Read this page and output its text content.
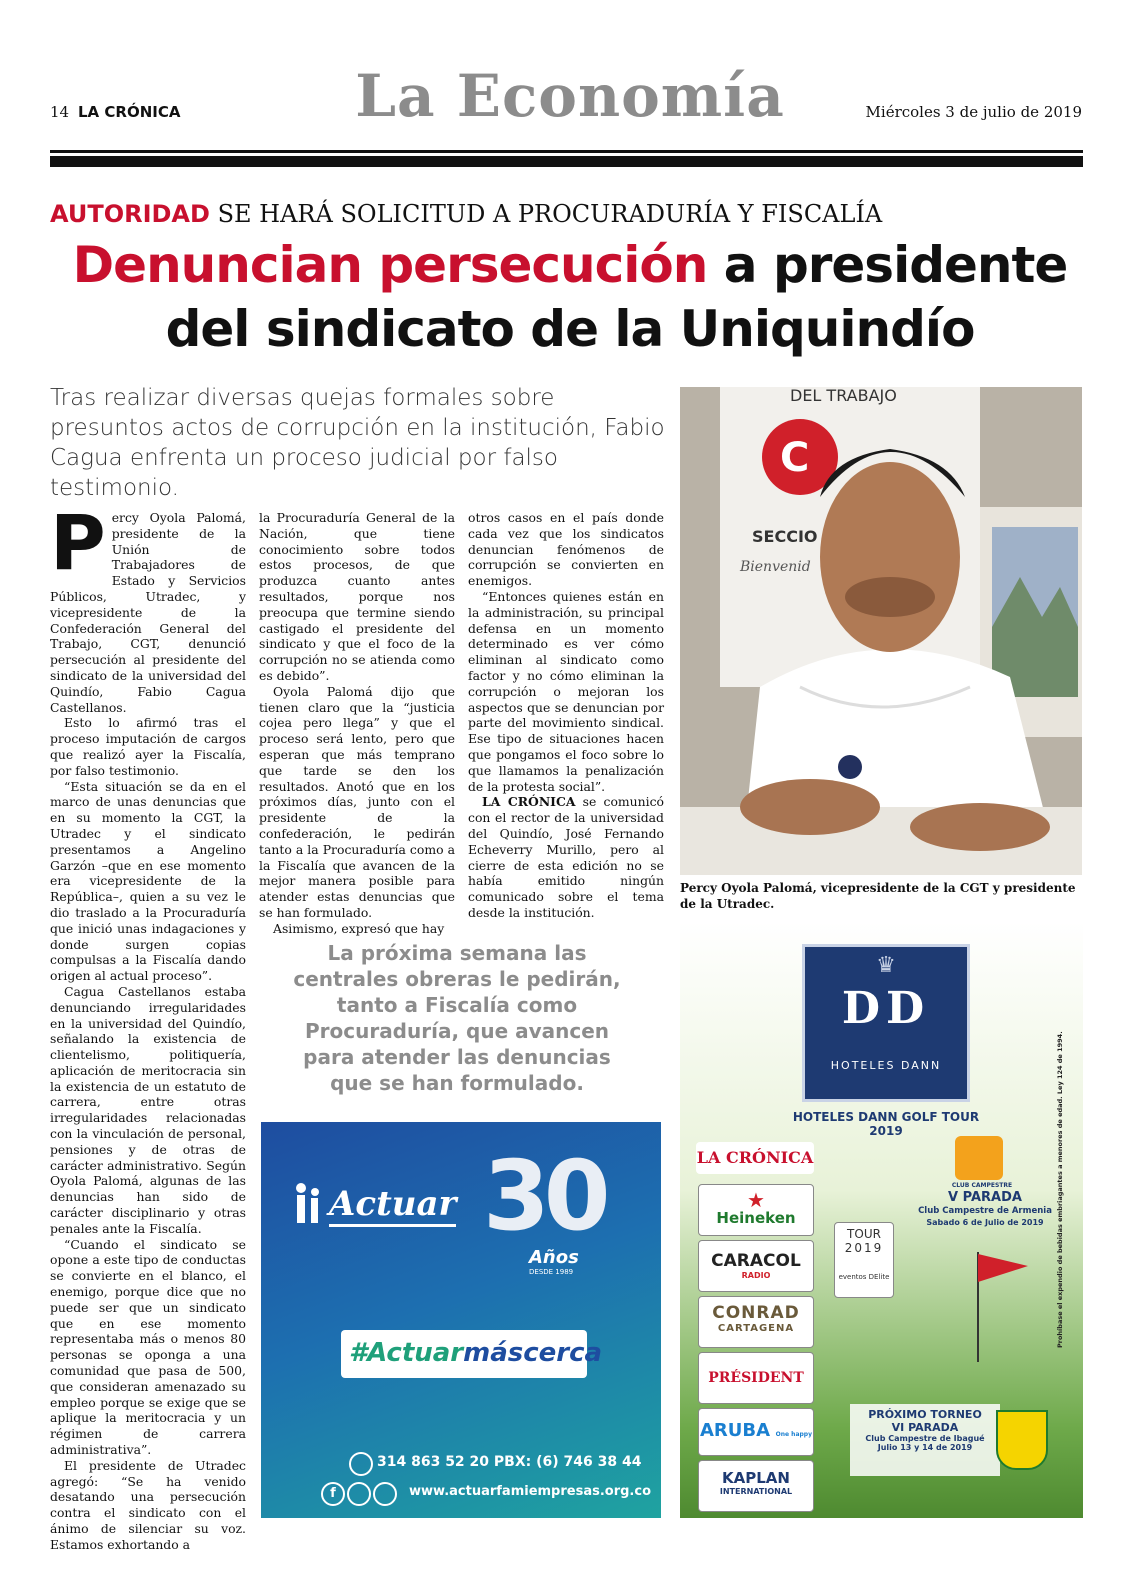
14 LA CRÓNICA	La Economía	Miércoles 3 de julio de 2019
AUTORIDAD SE HARÁ SOLICITUD A PROCURADURÍA Y FISCALÍA
Denuncian persecución a presidente
del sindicato de la Uniquindío
Tras realizar diversas quejas formales sobre presuntos actos de corrupción en la institución, Fabio Cagua enfrenta un proceso judicial por falso testimonio.
C
DEL TRABAJO
SECCIO
Bienvenid
Percy Oyola Palomá, vicepresidente de la CGT y presidente de la Utradec.
P ercy Oyola Palomá, presidente de la Unión de Trabajadores de Estado y Servicios Públicos, Utradec, y vicepresidente de la Confederación General del Trabajo, CGT, denunció persecución al presidente del sindicato de la universidad del Quindío, Fabio Cagua Castellanos.

Esto lo afirmó tras el proceso imputación de cargos que realizó ayer la Fiscalía, por falso testimonio.

“Esta situación se da en el marco de unas denuncias que en su momento la CGT, la Utradec y el sindicato presentamos a Angelino Garzón –que en ese momento era vicepresidente de la República–, quien a su vez le dio traslado a la Procuraduría que inició unas indagaciones y donde surgen copias compulsas a la Fiscalía dando origen al actual proceso”.

Cagua Castellanos estaba denunciando irregularidades en la universidad del Quindío, señalando la existencia de clientelismo, politiquería, aplicación de meritocracia sin la existencia de un estatuto de carrera, entre otras irregularidades relacionadas con la vinculación de personal, pensiones y de otras de carácter administrativo. Según Oyola Palomá, algunas de las denuncias han sido de carácter disciplinario y otras penales ante la Fiscalía.

“Cuando el sindicato se opone a este tipo de conductas se convierte en el blanco, el enemigo, porque dice que no puede ser que un sindicato que en ese momento representaba más o menos 80 personas se oponga a una comunidad que pasa de 500, que consideran amenazado su empleo porque se exige que se aplique la meritocracia y un régimen de carrera administrativa”.

El presidente de Utradec agregó: “Se ha venido desatando una persecución contra el sindicato con el ánimo de silenciar su voz. Estamos exhortando a

la Procuraduría General de la Nación, que tiene conocimiento sobre todos estos procesos, de que produzca cuanto antes resultados, porque nos preocupa que termine siendo castigado el presidente del sindicato y que el foco de la corrupción no se atienda como es debido”.

Oyola Palomá dijo que tienen claro que la “justicia cojea pero llega” y que el proceso será lento, pero que esperan que más temprano que tarde se den los resultados. Anotó que en los próximos días, junto con el presidente de la confederación, le pedirán tanto a la Procuraduría como a la Fiscalía que avancen de la mejor manera posible para atender estas denuncias que se han formulado.

Asimismo, expresó que hay

otros casos en el país donde cada vez que los sindicatos denuncian fenómenos de corrupción se convierten en enemigos.

“Entonces quienes están en la administración, su principal defensa en un momento determinado es ver cómo eliminan al sindicato como factor y no cómo eliminan la corrupción o mejoran los aspectos que se denuncian por parte del movimiento sindical. Ese tipo de situaciones hacen que pongamos el foco sobre lo que llamamos la penalización de la protesta social”.

LA CRÓNICA se comunicó con el rector de la universidad del Quindío, José Fernando Echeverry Murillo, pero al cierre de esta edición no se había emitido ningún comunicado sobre el tema desde la institución.

La próxima semana las centrales obreras le pedirán, tanto a Fiscalía como Procuraduría, que avancen para atender las denuncias que se han formulado.
Actuar 30
Años
DESDE 1989
#Actuarmáscerca
314 863 52 20 PBX: (6) 746 38 44
f	www.actuarfamiempresas.org.co
♛
DD
HOTELES DANN
HOTELES DANN GOLF TOUR 2019
CLUB CAMPESTRE
V PARADA
Club Campestre de Armenia
Sabado 6 de Julio de 2019
LA CRÓNICA
★
Heineken
CARACOL
RADIO
CONRAD
CARTAGENA
PRÉSIDENT
ARUBA One happy
KAPLAN
INTERNATIONAL
TOUR
2019
eventos DElite	Prohíbase el expendio de bebidas embriagantes a menores de edad. Ley 124 de 1994.
PRÓXIMO TORNEO
VI PARADA
Club Campestre de Ibagué
Julio 13 y 14 de 2019
